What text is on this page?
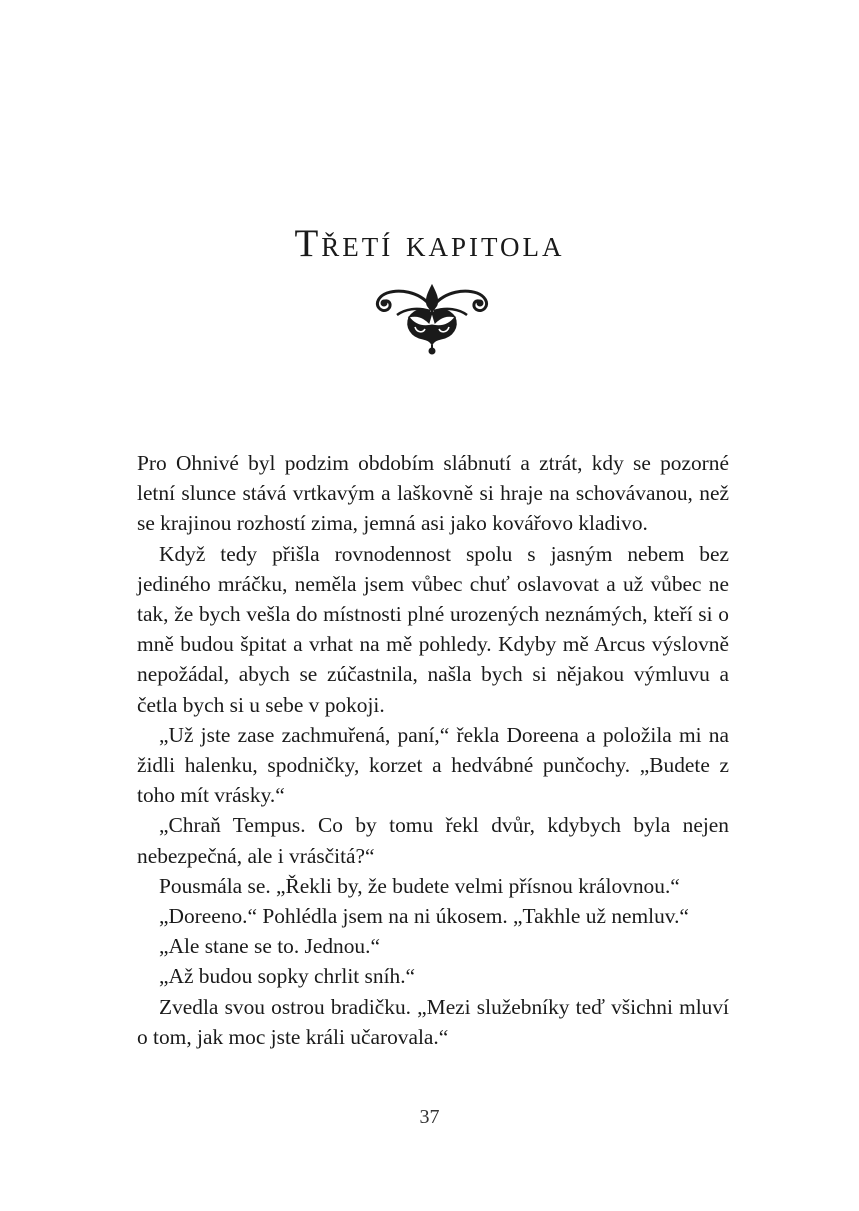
Třetí kapitola

Pro Ohnivé byl podzim obdobím slábnutí a ztrát, kdy se pozorné letní slunce stává vrtkavým a laškovně si hraje na schovávanou, než se krajinou rozhostí zima, jemná asi jako kovářovo kladivo.

Když tedy přišla rovnodennost spolu s jasným nebem bez jediného mráčku, neměla jsem vůbec chuť oslavovat a už vůbec ne tak, že bych vešla do místnosti plné urozených neznámých, kteří si o mně budou špitat a vrhat na mě pohledy. Kdyby mě Arcus výslovně nepožádal, abych se zúčastnila, našla bych si nějakou výmluvu a četla bych si u sebe v pokoji.

„Už jste zase zachmuřená, paní,“ řekla Doreena a položila mi na židli halenku, spodničky, korzet a hedvábné punčochy. „Budete z toho mít vrásky.“

„Chraň Tempus. Co by tomu řekl dvůr, kdybych byla nejen nebezpečná, ale i vrásčitá?“

Pousmála se. „Řekli by, že budete velmi přísnou královnou.“

„Doreeno.“ Pohlédla jsem na ni úkosem. „Takhle už nemluv.“

„Ale stane se to. Jednou.“

„Až budou sopky chrlit sníh.“

Zvedla svou ostrou bradičku. „Mezi služebníky teď všichni mluví o tom, jak moc jste králi učarovala.“

37
